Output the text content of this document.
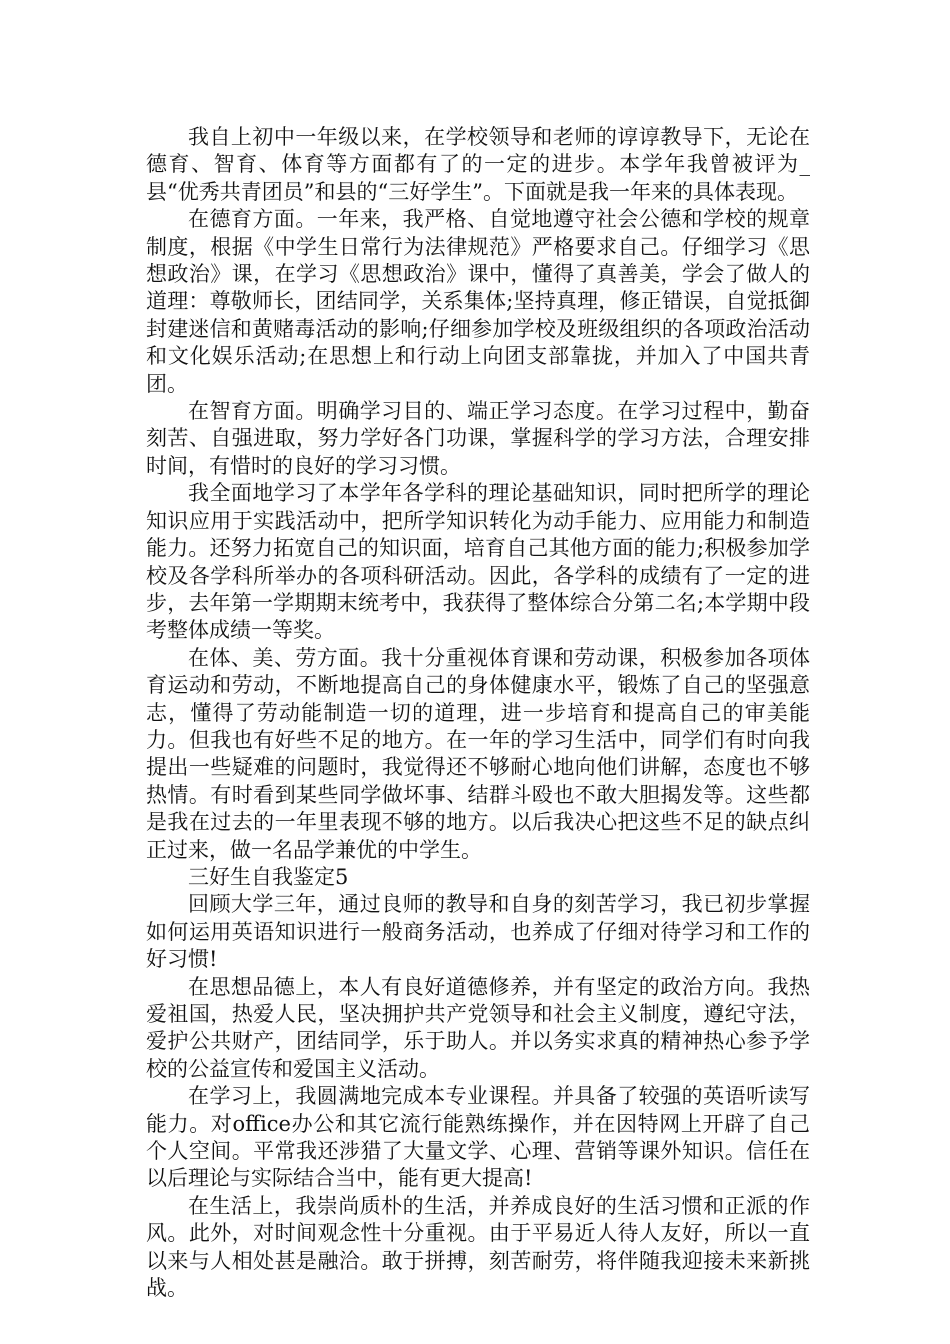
我自上初中一年级以来，在学校领导和老师的谆谆教导下，无论在德育、智育、体育等方面都有了的一定的进步。本学年我曾被评为_县“优秀共青团员”和县的“三好学生”。下面就是我一年来的具体表现。

在德育方面。一年来，我严格、自觉地遵守社会公德和学校的规章制度，根据《中学生日常行为法律规范》严格要求自己。仔细学习《思想政治》课，在学习《思想政治》课中，懂得了真善美，学会了做人的道理：尊敬师长，团结同学，关系集体;坚持真理，修正错误，自觉抵御封建迷信和黄赌毒活动的影响;仔细参加学校及班级组织的各项政治活动和文化娱乐活动;在思想上和行动上向团支部靠拢，并加入了中国共青团。

在智育方面。明确学习目的、端正学习态度。在学习过程中，勤奋刻苦、自强进取，努力学好各门功课，掌握科学的学习方法，合理安排时间，有惜时的良好的学习习惯。

我全面地学习了本学年各学科的理论基础知识，同时把所学的理论知识应用于实践活动中，把所学知识转化为动手能力、应用能力和制造能力。还努力拓宽自己的知识面，培育自己其他方面的能力;积极参加学校及各学科所举办的各项科研活动。因此，各学科的成绩有了一定的进步，去年第一学期期末统考中，我获得了整体综合分第二名;本学期中段考整体成绩一等奖。

在体、美、劳方面。我十分重视体育课和劳动课，积极参加各项体育运动和劳动，不断地提高自己的身体健康水平，锻炼了自己的坚强意志，懂得了劳动能制造一切的道理，进一步培育和提高自己的审美能力。但我也有好些不足的地方。在一年的学习生活中，同学们有时向我提出一些疑难的问题时，我觉得还不够耐心地向他们讲解，态度也不够热情。有时看到某些同学做坏事、结群斗殴也不敢大胆揭发等。这些都是我在过去的一年里表现不够的地方。以后我决心把这些不足的缺点纠正过来，做一名品学兼优的中学生。

三好生自我鉴定5

回顾大学三年，通过良师的教导和自身的刻苦学习，我已初步掌握如何运用英语知识进行一般商务活动，也养成了仔细对待学习和工作的好习惯!

在思想品德上，本人有良好道德修养，并有坚定的政治方向。我热爱祖国，热爱人民，坚决拥护共产党领导和社会主义制度，遵纪守法，爱护公共财产，团结同学，乐于助人。并以务实求真的精神热心参予学校的公益宣传和爱国主义活动。

在学习上，我圆满地完成本专业课程。并具备了较强的英语听读写能力。对office办公和其它流行能熟练操作，并在因特网上开辟了自己个人空间。平常我还涉猎了大量文学、心理、营销等课外知识。信任在以后理论与实际结合当中，能有更大提高!

在生活上，我崇尚质朴的生活，并养成良好的生活习惯和正派的作风。此外，对时间观念性十分重视。由于平易近人待人友好，所以一直以来与人相处甚是融洽。敢于拼搏，刻苦耐劳，将伴随我迎接未来新挑战。
